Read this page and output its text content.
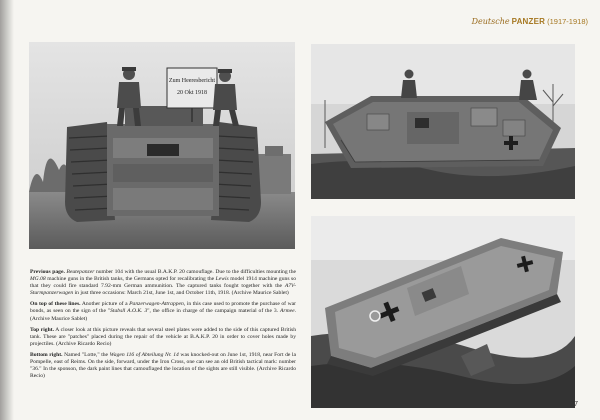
Deutsche PANZER (1917-1918)
Zum Heeresbericht
20 Okt 1918

Previous page. Beutepanzer number 104 with the usual B.A.K.P. 20 camouflage. Due to the difficulties mounting the MG.08 machine guns in the British tanks, the Germans opted for recalibrating the Lewis model 1914 machine guns so that they could fire standard 7.92-mm German ammunition. The captured tanks fought together with the A7V-Sturmpanzerwagen in just three occasions: March 21st, June 1st, and October 11th, 1918. (Archive Maurice Sablet)

On top of these lines. Another picture of a Panzerwagen-Attrappen, in this case used to promote the purchase of war bonds, as seen on the sign of the "Stabsll A.O.K. 3", the office in charge of the campaign material of the 3. Armee. (Archive Maurice Sablet)

Top right. A closer look at this picture reveals that several steel plates were added to the side of this captured British tank. These are "patches" placed during the repair of the vehicle at B.A.K.P. 20 in order to cover holes made by projectiles. (Archive Ricardo Recio)

Bottom right. Named "Lotte," the Wagen 116 of Abteilung Nr. 14 was knocked-out on June 1st, 1918, near Fort de la Pompelle, east of Reims. On the side, forward, under the Iron Cross, one can see an old British tactical mark: number "36." In the sponson, the dark paint lines that camouflaged the location of the sights are still visible. (Archive Ricardo Recio)

27
